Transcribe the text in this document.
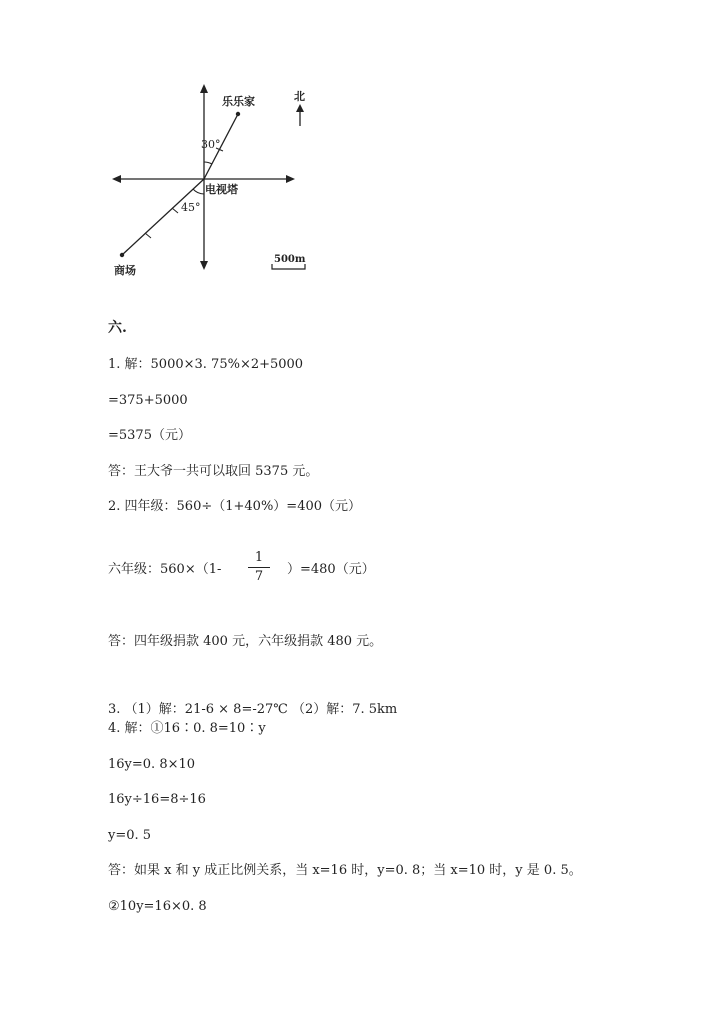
乐乐家
30°
电视塔
45°
商场
北
500m
六.
1. 解：5000×3. 75%×2+5000
=375+5000
=5375（元）
答：王大爷一共可以取回 5375 元。
2. 四年级：560÷（1+40%）=400（元）
六年级：560×（1-
1
7	）=480（元）
答：四年级捐款 400 元，六年级捐款 480 元。
3. （1）解：21-6 × 8=-27℃ （2）解：7. 5km
4. 解：①16∶0. 8=10∶y
16y=0. 8×10
16y÷16=8÷16
y=0. 5
答：如果 x 和 y 成正比例关系，当 x=16 时，y=0. 8；当 x=10 时，y 是 0. 5。
②10y=16×0. 8
